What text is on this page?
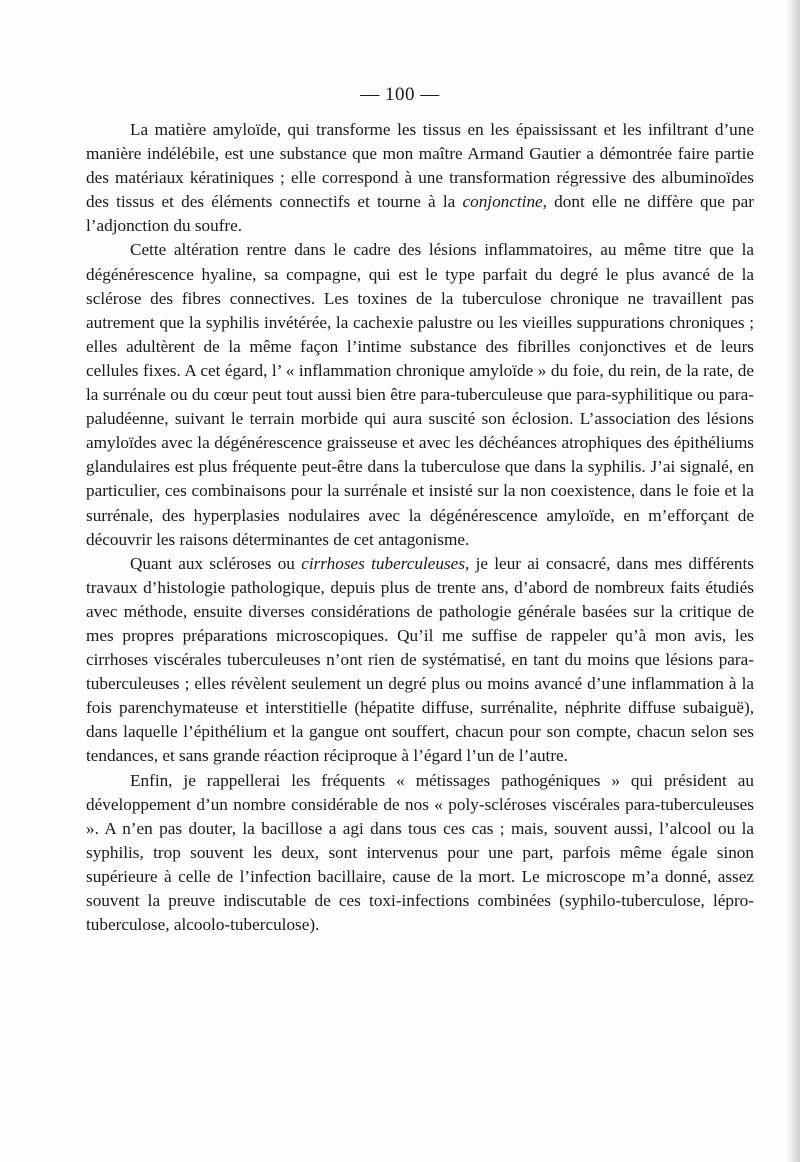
— 100 —

La matière amyloïde, qui transforme les tissus en les épaississant et les infiltrant d’une manière indélébile, est une substance que mon maître Armand Gautier a démontrée faire partie des matériaux kératiniques ; elle correspond à une transformation régressive des albuminoïdes des tissus et des éléments connectifs et tourne à la conjonctine, dont elle ne diffère que par l’adjonction du soufre.

Cette altération rentre dans le cadre des lésions inflammatoires, au même titre que la dégénérescence hyaline, sa compagne, qui est le type parfait du degré le plus avancé de la sclérose des fibres connectives. Les toxines de la tuberculose chronique ne travaillent pas autrement que la syphilis invétérée, la cachexie palustre ou les vieilles suppurations chroniques ; elles adultèrent de la même façon l’intime substance des fibrilles conjonctives et de leurs cellules fixes. A cet égard, l’ « inflammation chronique amyloïde » du foie, du rein, de la rate, de la surrénale ou du cœur peut tout aussi bien être para-tuberculeuse que para-syphilitique ou para-paludéenne, suivant le terrain morbide qui aura suscité son éclosion. L’association des lésions amyloïdes avec la dégénérescence graisseuse et avec les déchéances atrophiques des épithéliums glandulaires est plus fréquente peut-être dans la tuberculose que dans la syphilis. J’ai signalé, en particulier, ces combinaisons pour la surrénale et insisté sur la non coexistence, dans le foie et la surrénale, des hyperplasies nodulaires avec la dégénérescence amyloïde, en m’efforçant de découvrir les raisons déterminantes de cet antagonisme.

Quant aux scléroses ou cirrhoses tuberculeuses, je leur ai consacré, dans mes différents travaux d’histologie pathologique, depuis plus de trente ans, d’abord de nombreux faits étudiés avec méthode, ensuite diverses considérations de pathologie générale basées sur la critique de mes propres préparations microscopiques. Qu’il me suffise de rappeler qu’à mon avis, les cirrhoses viscérales tuberculeuses n’ont rien de systématisé, en tant du moins que lésions para-tuberculeuses ; elles révèlent seulement un degré plus ou moins avancé d’une inflammation à la fois parenchymateuse et interstitielle (hépatite diffuse, surrénalite, néphrite diffuse subaiguë), dans laquelle l’épithélium et la gangue ont souffert, chacun pour son compte, chacun selon ses tendances, et sans grande réaction réciproque à l’égard l’un de l’autre.

Enfin, je rappellerai les fréquents « métissages pathogéniques » qui président au développement d’un nombre considérable de nos « poly-scléroses viscérales para-tuberculeuses ». A n’en pas douter, la bacillose a agi dans tous ces cas ; mais, souvent aussi, l’alcool ou la syphilis, trop souvent les deux, sont intervenus pour une part, parfois même égale sinon supérieure à celle de l’infection bacillaire, cause de la mort. Le microscope m’a donné, assez souvent la preuve indiscutable de ces toxi-infections combinées (syphilo-tuberculose, lépro-tuberculose, alcoolo-tuberculose).
